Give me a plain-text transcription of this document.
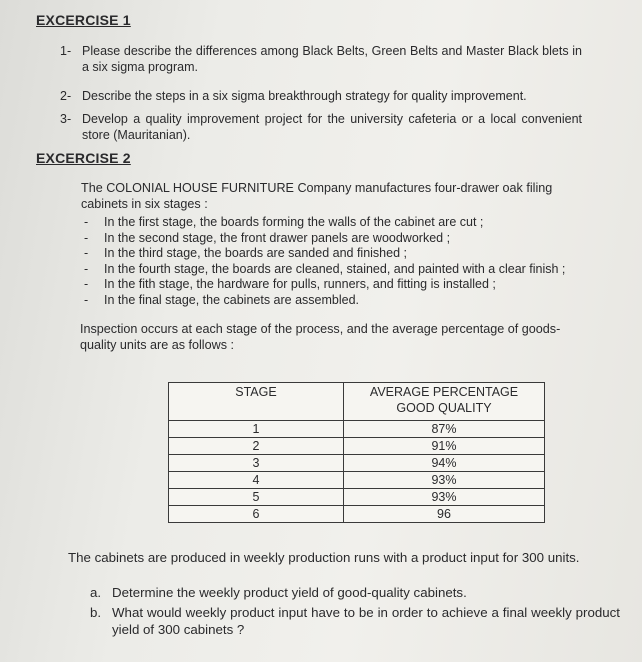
EXCERCISE 1
1- Please describe the differences among Black Belts, Green Belts and Master Black blets in a six sigma program.
2- Describe the steps in a six sigma breakthrough strategy for quality improvement.
3- Develop a quality improvement project for the university cafeteria or a local convenient store (Mauritanian).
EXCERCISE 2
The COLONIAL HOUSE FURNITURE Company manufactures four-drawer oak filing cabinets in six stages :
- In the first stage, the boards forming the walls of the cabinet are cut ;
- In the second stage, the front drawer panels are woodworked ;
- In the third stage, the boards are sanded and finished ;
- In the fourth stage, the boards are cleaned, stained, and painted with a clear finish ;
- In the fith stage, the hardware for pulls, runners, and fitting is installed ;
- In the final stage, the cabinets are assembled.
Inspection occurs at each stage of the process, and the average percentage of goods-quality units are as follows :
STAGE	AVERAGE PERCENTAGE
GOOD QUALITY

1	87%
2	91%
3	94%
4	93%
5	93%
6	96
The cabinets are produced in weekly production runs with a product input for 300 units.
a. Determine the weekly product yield of good-quality cabinets.
b. What would weekly product input have to be in order to achieve a final weekly product yield of 300 cabinets ?
